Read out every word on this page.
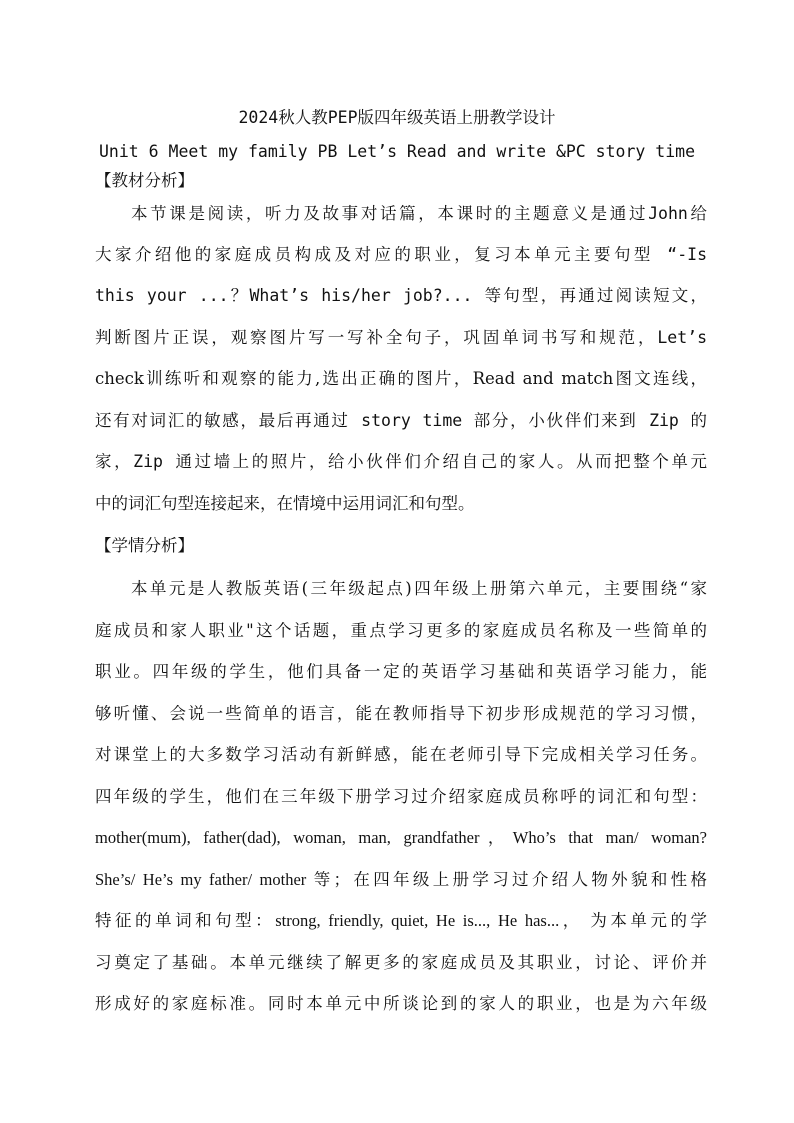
2024秋人教PEP版四年级英语上册教学设计
Unit 6 Meet my family PB Let’s Read and write &PC story time
【教材分析】
本节课是阅读，听力及故事对话篇，本课时的主题意义是通过John给
大家介绍他的家庭成员构成及对应的职业，复习本单元主要句型 “-Is
this your ...？What’s his/her job?... 等句型，再通过阅读短文，
判断图片正误，观察图片写一写补全句子，巩固单词书写和规范，Let’s
check训练听和观察的能力,选出正确的图片，Read and match图文连线，
还有对词汇的敏感，最后再通过 story time 部分，小伙伴们来到 Zip 的
家，Zip 通过墙上的照片，给小伙伴们介绍自己的家人。从而把整个单元
中的词汇句型连接起来，在情境中运用词汇和句型。
【学情分析】
本单元是人教版英语(三年级起点)四年级上册第六单元，主要围绕“家
庭成员和家人职业"这个话题，重点学习更多的家庭成员名称及一些简单的
职业。四年级的学生，他们具备一定的英语学习基础和英语学习能力，能
够听懂、会说一些简单的语言，能在教师指导下初步形成规范的学习习惯，
对课堂上的大多数学习活动有新鲜感，能在老师引导下完成相关学习任务。
四年级的学生，他们在三年级下册学习过介绍家庭成员称呼的词汇和句型：
mother(mum), father(dad), woman, man, grandfather，Who’s that man/ woman?
She’s/ He’s my father/ mother 等；在四年级上册学习过介绍人物外貌和性格
特征的单词和句型：strong, friendly, quiet, He is..., He has...， 为本单元的学
习奠定了基础。本单元继续了解更多的家庭成员及其职业，讨论、评价并
形成好的家庭标准。同时本单元中所谈论到的家人的职业，也是为六年级
